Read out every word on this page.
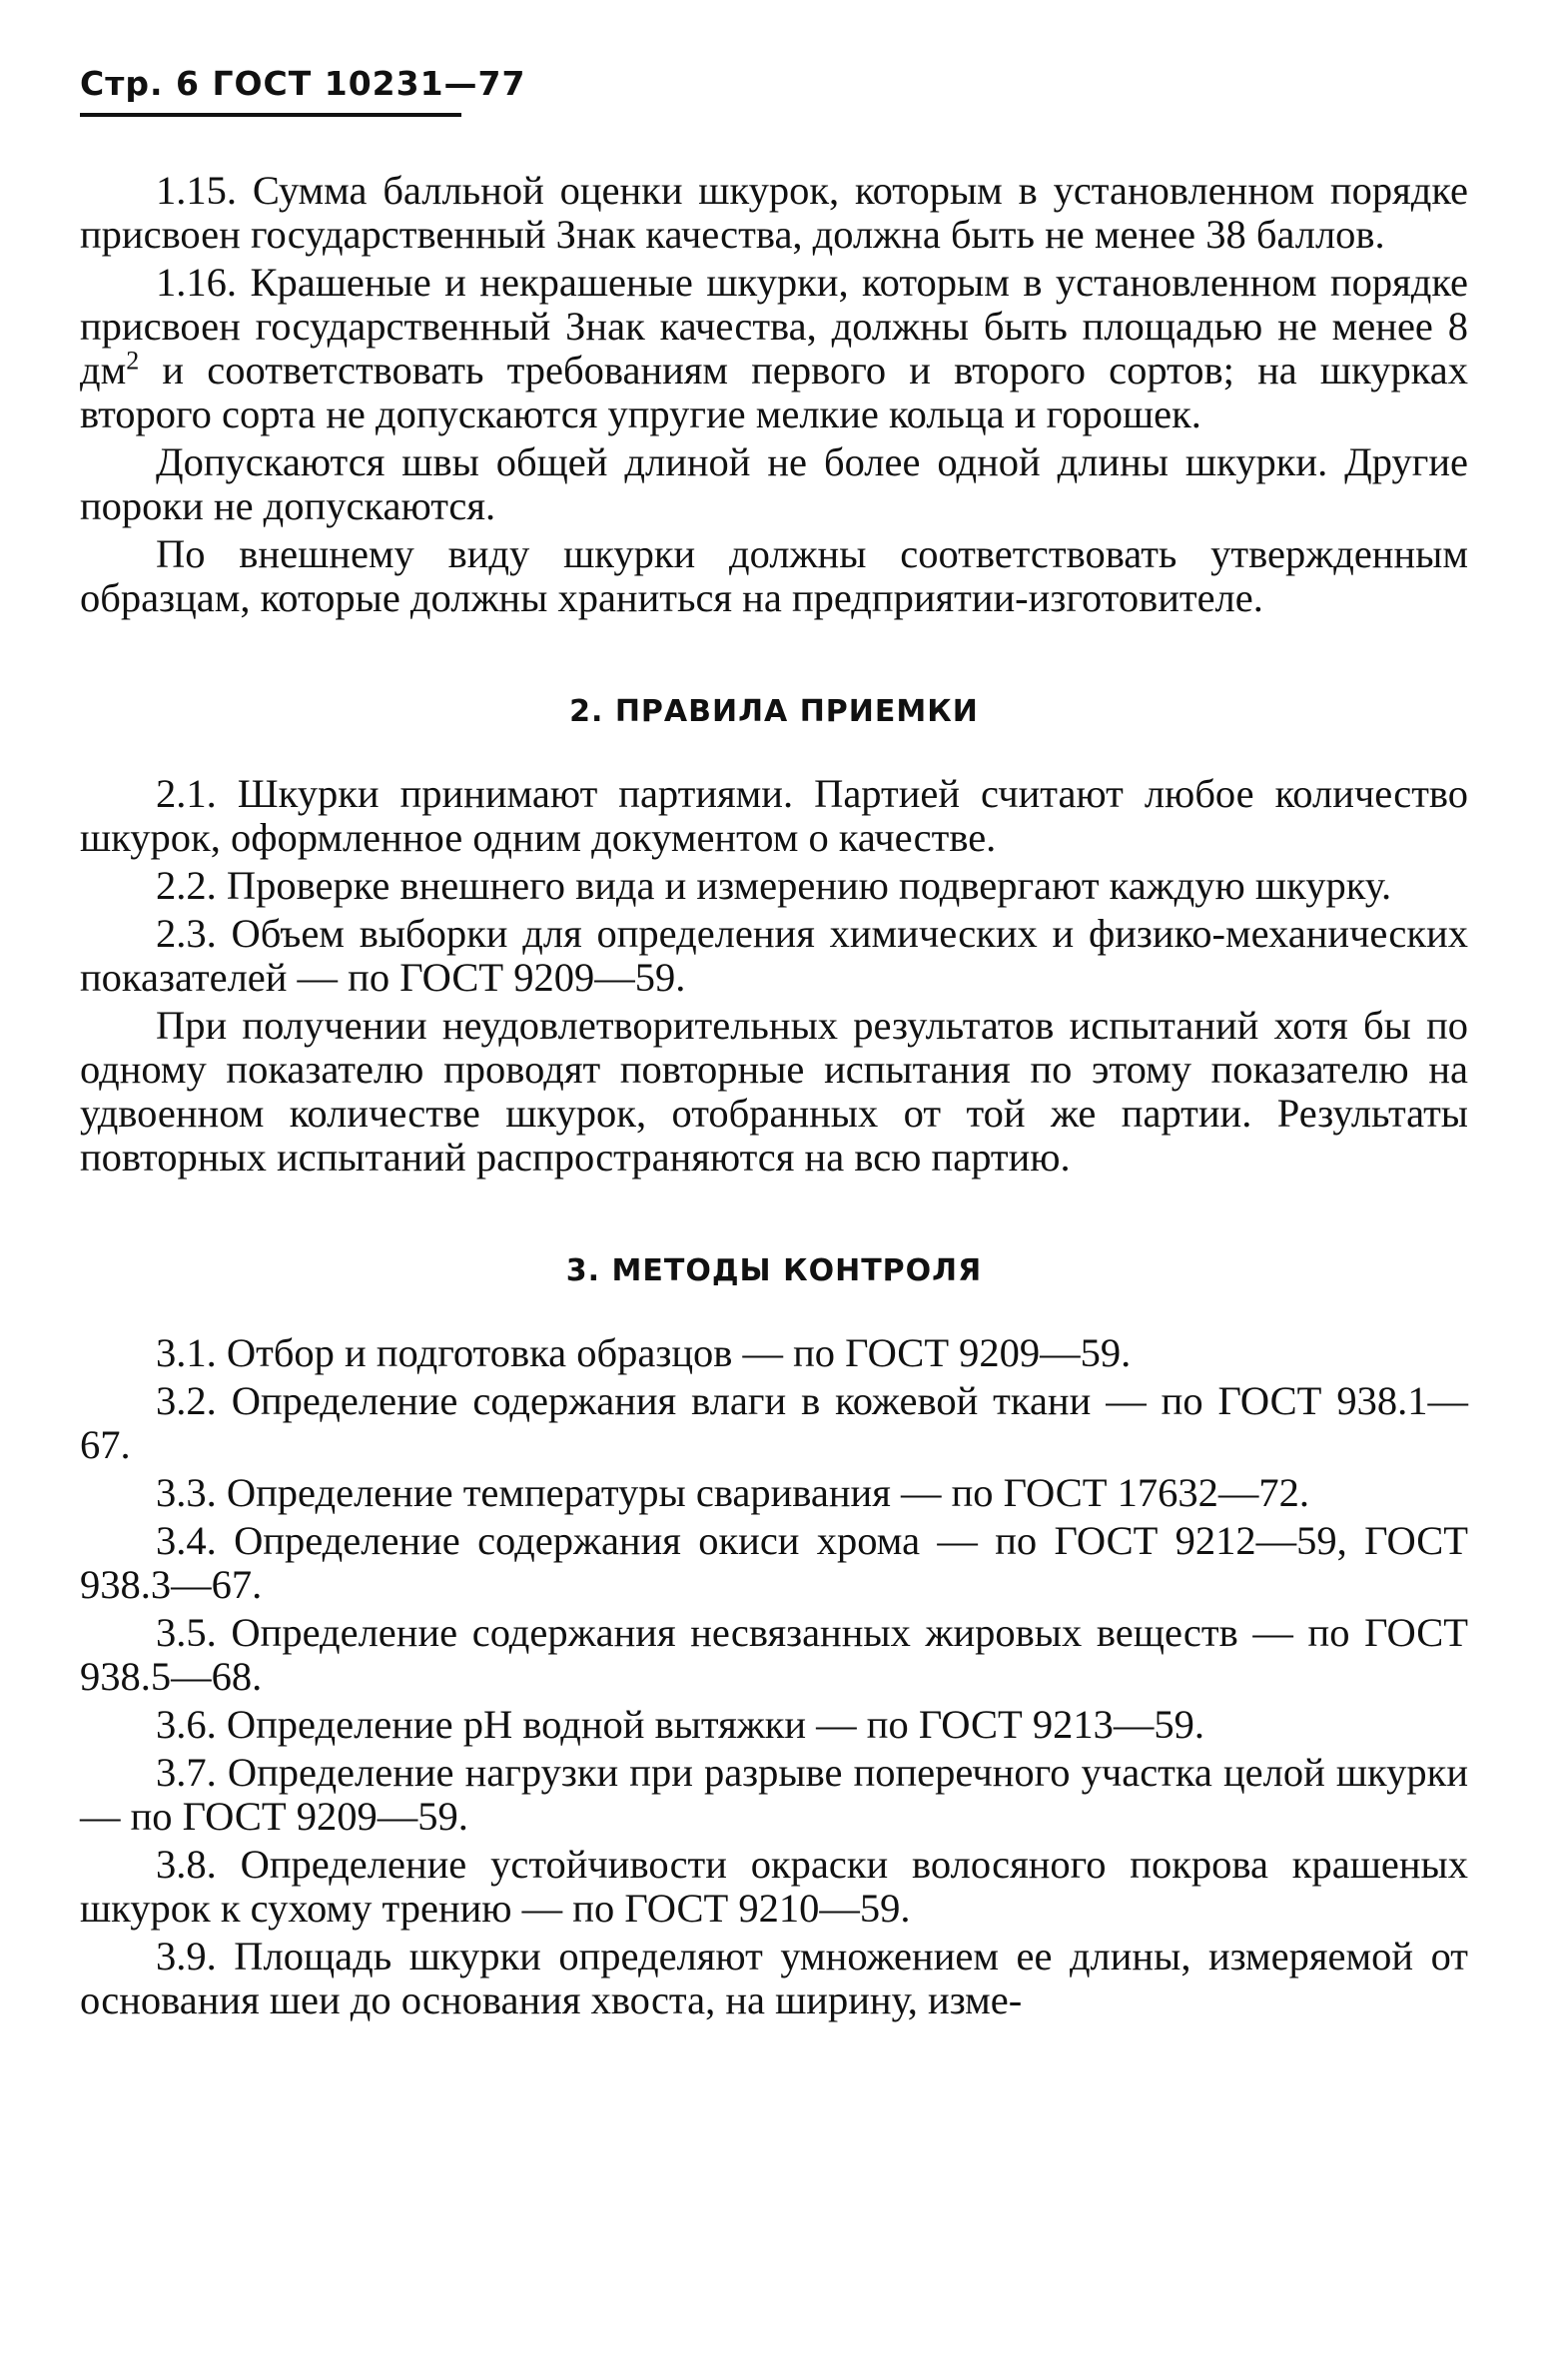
Стр. 6 ГОСТ 10231—77

1.15. Сумма балльной оценки шкурок, которым в установленном порядке присвоен государственный Знак качества, должна быть не менее 38 баллов.

1.16. Крашеные и некрашеные шкурки, которым в установленном порядке присвоен государственный Знак качества, должны быть площадью не менее 8 $дм^2$ и соответствовать требованиям первого и второго сортов; на шкурках второго сорта не допускаются упругие мелкие кольца и горошек.

Допускаются швы общей длиной не более одной длины шкурки. Другие пороки не допускаются.

По внешнему виду шкурки должны соответствовать утвержденным образцам, которые должны храниться на предприятии-изготовителе.

2. ПРАВИЛА ПРИЕМКИ

2.1. Шкурки принимают партиями. Партией считают любое количество шкурок, оформленное одним документом о качестве.

2.2. Проверке внешнего вида и измерению подвергают каждую шкурку.

2.3. Объем выборки для определения химических и физико-механических показателей — по ГОСТ 9209—59.

При получении неудовлетворительных результатов испытаний хотя бы по одному показателю проводят повторные испытания по этому показателю на удвоенном количестве шкурок, отобранных от той же партии. Результаты повторных испытаний распространяются на всю партию.

3. МЕТОДЫ КОНТРОЛЯ

3.1. Отбор и подготовка образцов — по ГОСТ 9209—59.

3.2. Определение содержания влаги в кожевой ткани — по ГОСТ 938.1—67.

3.3. Определение температуры сваривания — по ГОСТ 17632—72.

3.4. Определение содержания окиси хрома — по ГОСТ 9212—59, ГОСТ 938.3—67.

3.5. Определение содержания несвязанных жировых веществ — по ГОСТ 938.5—68.

3.6. Определение pH водной вытяжки — по ГОСТ 9213—59.

3.7. Определение нагрузки при разрыве поперечного участка целой шкурки — по ГОСТ 9209—59.

3.8. Определение устойчивости окраски волосяного покрова крашеных шкурок к сухому трению — по ГОСТ 9210—59.

3.9. Площадь шкурки определяют умножением ее длины, измеряемой от основания шеи до основания хвоста, на ширину, изме-
